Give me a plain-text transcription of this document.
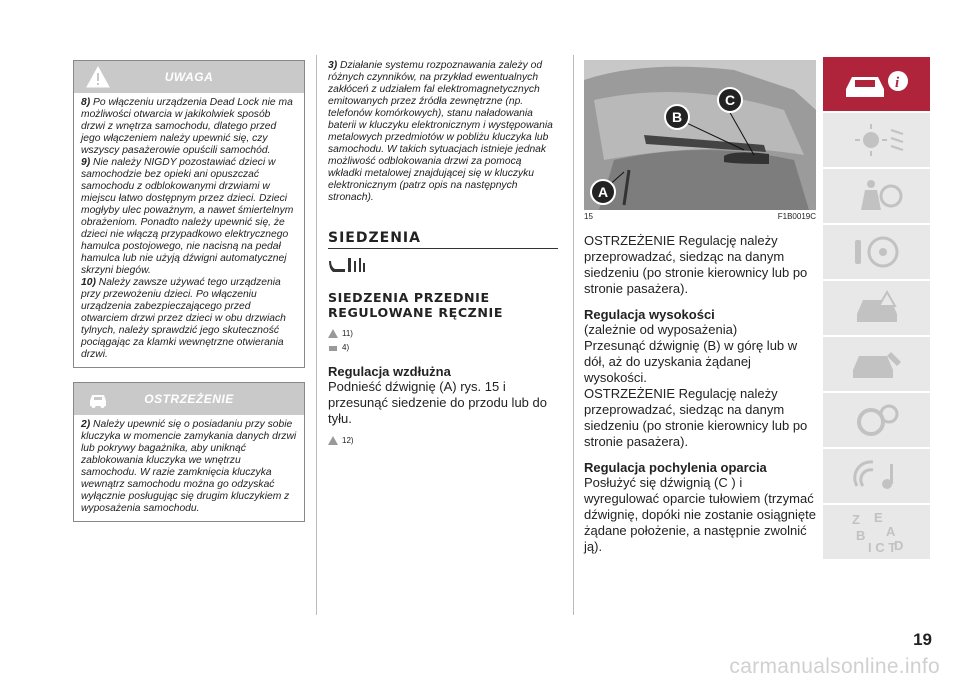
UWAGA

8) Po włączeniu urządzenia Dead Lock nie ma możliwości otwarcia w jakikolwiek sposób drzwi z wnętrza samochodu, dlatego przed jego włączeniem należy upewnić się, czy wszyscy pasażerowie opuścili samochód.

9) Nie należy NIGDY pozostawiać dzieci w samochodzie bez opieki ani opuszczać samochodu z odblokowanymi drzwiami w miejscu łatwo dostępnym przez dzieci. Dzieci mogłyby ulec poważnym, a nawet śmiertelnym obrażeniom. Ponadto należy upewnić się, że dzieci nie włączą przypadkowo elektrycznego hamulca postojowego, nie nacisną na pedał hamulca lub nie użyją dźwigni automatycznej skrzyni biegów.

10) Należy zawsze używać tego urządzenia przy przewożeniu dzieci. Po włączeniu urządzenia zabezpieczającego przed otwarciem drzwi przez dzieci w obu drzwiach tylnych, należy sprawdzić jego skuteczność pociągając za klamki wewnętrzne otwierania drzwi.

OSTRZEŻENIE

2) Należy upewnić się o posiadaniu przy sobie kluczyka w momencie zamykania danych drzwi lub pokrywy bagażnika, aby uniknąć zablokowania kluczyka we wnętrzu samochodu. W razie zamknięcia kluczyka wewnątrz samochodu można go odzyskać wyłącznie posługując się drugim kluczykiem z wyposażenia samochodu.

3) Działanie systemu rozpoznawania zależy od różnych czynników, na przykład ewentualnych zakłóceń z udziałem fal elektromagnetycznych emitowanych przez źródła zewnętrzne (np. telefonów komórkowych), stanu naładowania baterii w kluczyku elektronicznym i występowania metalowych przedmiotów w pobliżu kluczyka lub samochodu. W takich sytuacjach istnieje jednak możliwość odblokowania drzwi za pomocą wkładki metalowej znajdującej się w kluczyku elektronicznym (patrz opis na następnych stronach).
SIEDZENIA
SIEDZENIA PRZEDNIE REGULOWANE RĘCZNIE
11)
4)
Regulacja wzdłużna
Podnieść dźwignię (A) rys. 15 i przesunąć siedzenie do przodu lub do tyłu.
12)
A
B
C
15	F1B0019C
OSTRZEŻENIE Regulację należy przeprowadzać, siedząc na danym siedzeniu (po stronie kierownicy lub po stronie pasażera).
Regulacja wysokości
(zależnie od wyposażenia)
Przesunąć dźwignię (B) w górę lub w dół, aż do uzyskania żądanej wysokości.
OSTRZEŻENIE Regulację należy przeprowadzać, siedząc na danym siedzeniu (po stronie kierownicy lub po stronie pasażera).
Regulacja pochylenia oparcia
Posłużyć się dźwignią (C ) i wyregulować oparcie tułowiem (trzymać dźwignię, dopóki nie zostanie osiągnięte żądane położenie, a następnie zwolnić ją).
i
Z E
B A
I C T
D
19
carmanualsonline.info
